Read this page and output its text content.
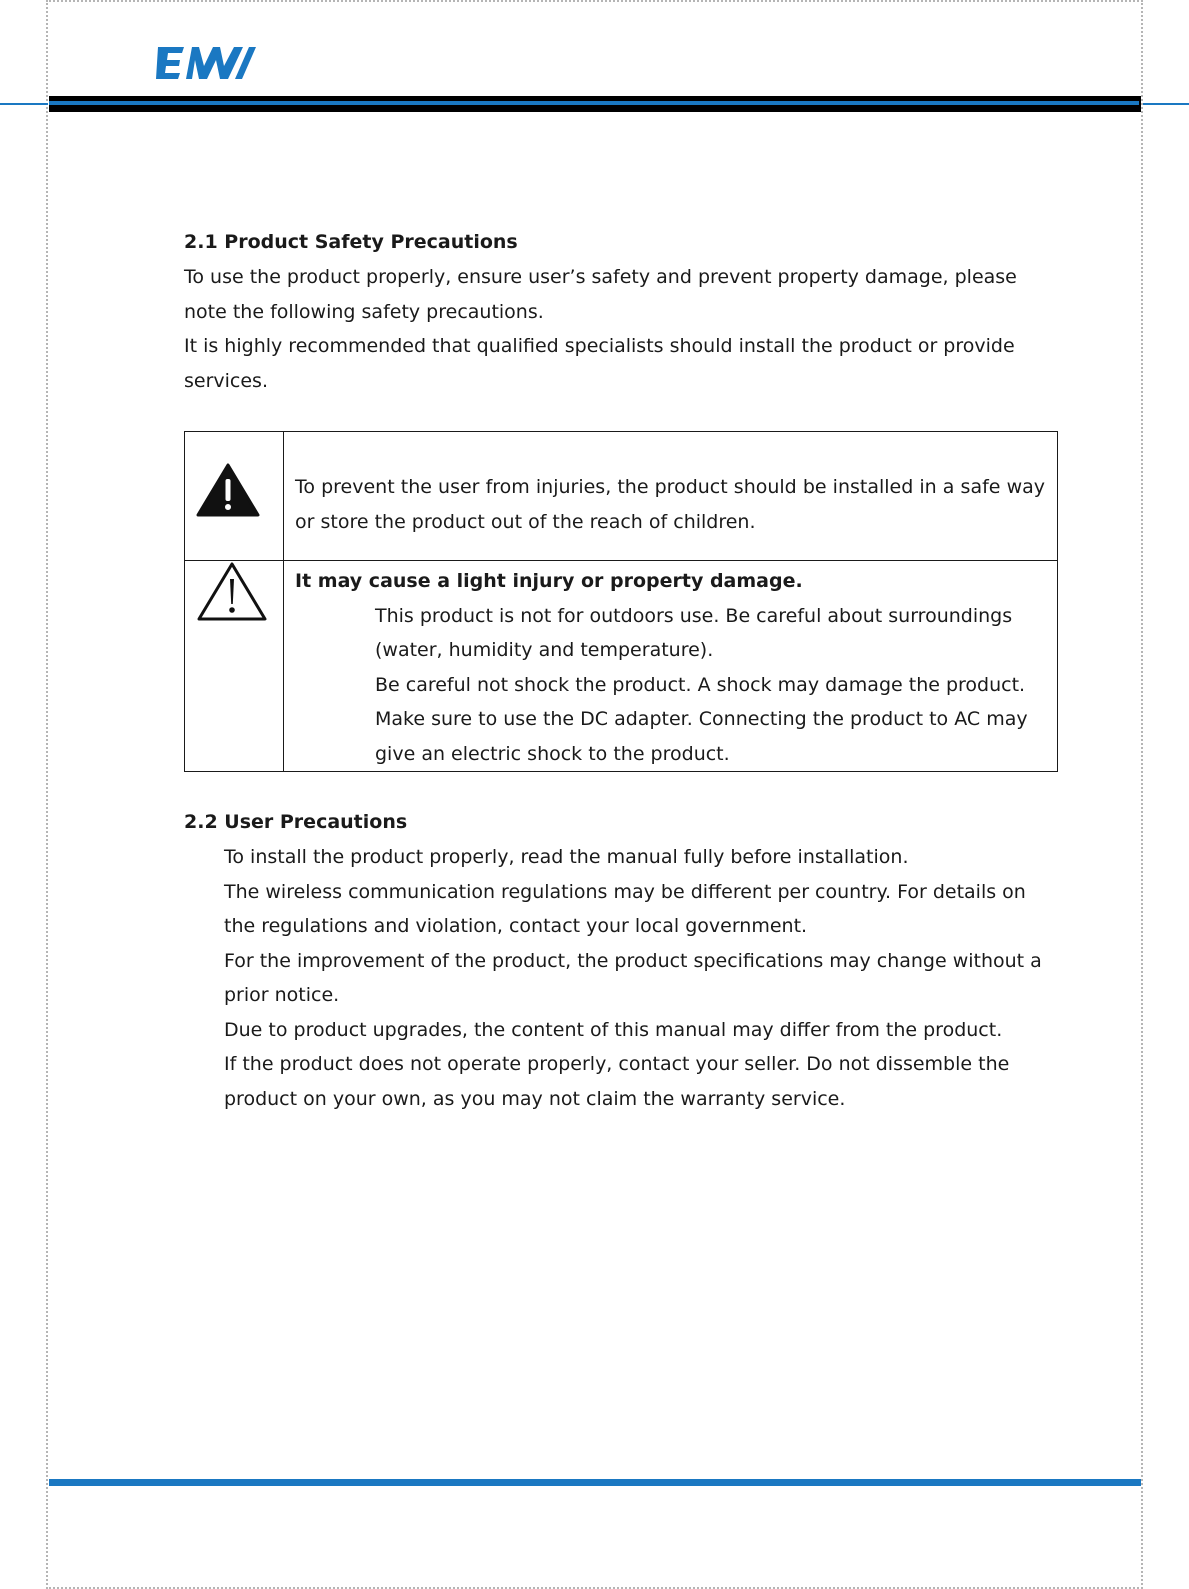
2.1 Product Safety Precautions
To use the product properly, ensure user’s safety and prevent property damage, please note the following safety precautions.
It is highly recommended that qualified specialists should install the product or provide services.

To prevent the user from injuries, the product should be installed in a safe way or store the product out of the reach of children.

It may cause a light injury or property damage.
This product is not for outdoors use. Be careful about surroundings (water, humidity and temperature).
Be careful not shock the product. A shock may damage the product.
Make sure to use the DC adapter. Connecting the product to AC may give an electric shock to the product.
2.2 User Precautions
To install the product properly, read the manual fully before installation.
The wireless communication regulations may be different per country. For details on the regulations and violation, contact your local government.
For the improvement of the product, the product specifications may change without a prior notice.
Due to product upgrades, the content of this manual may differ from the product.
If the product does not operate properly, contact your seller. Do not dissemble the product on your own, as you may not claim the warranty service.
